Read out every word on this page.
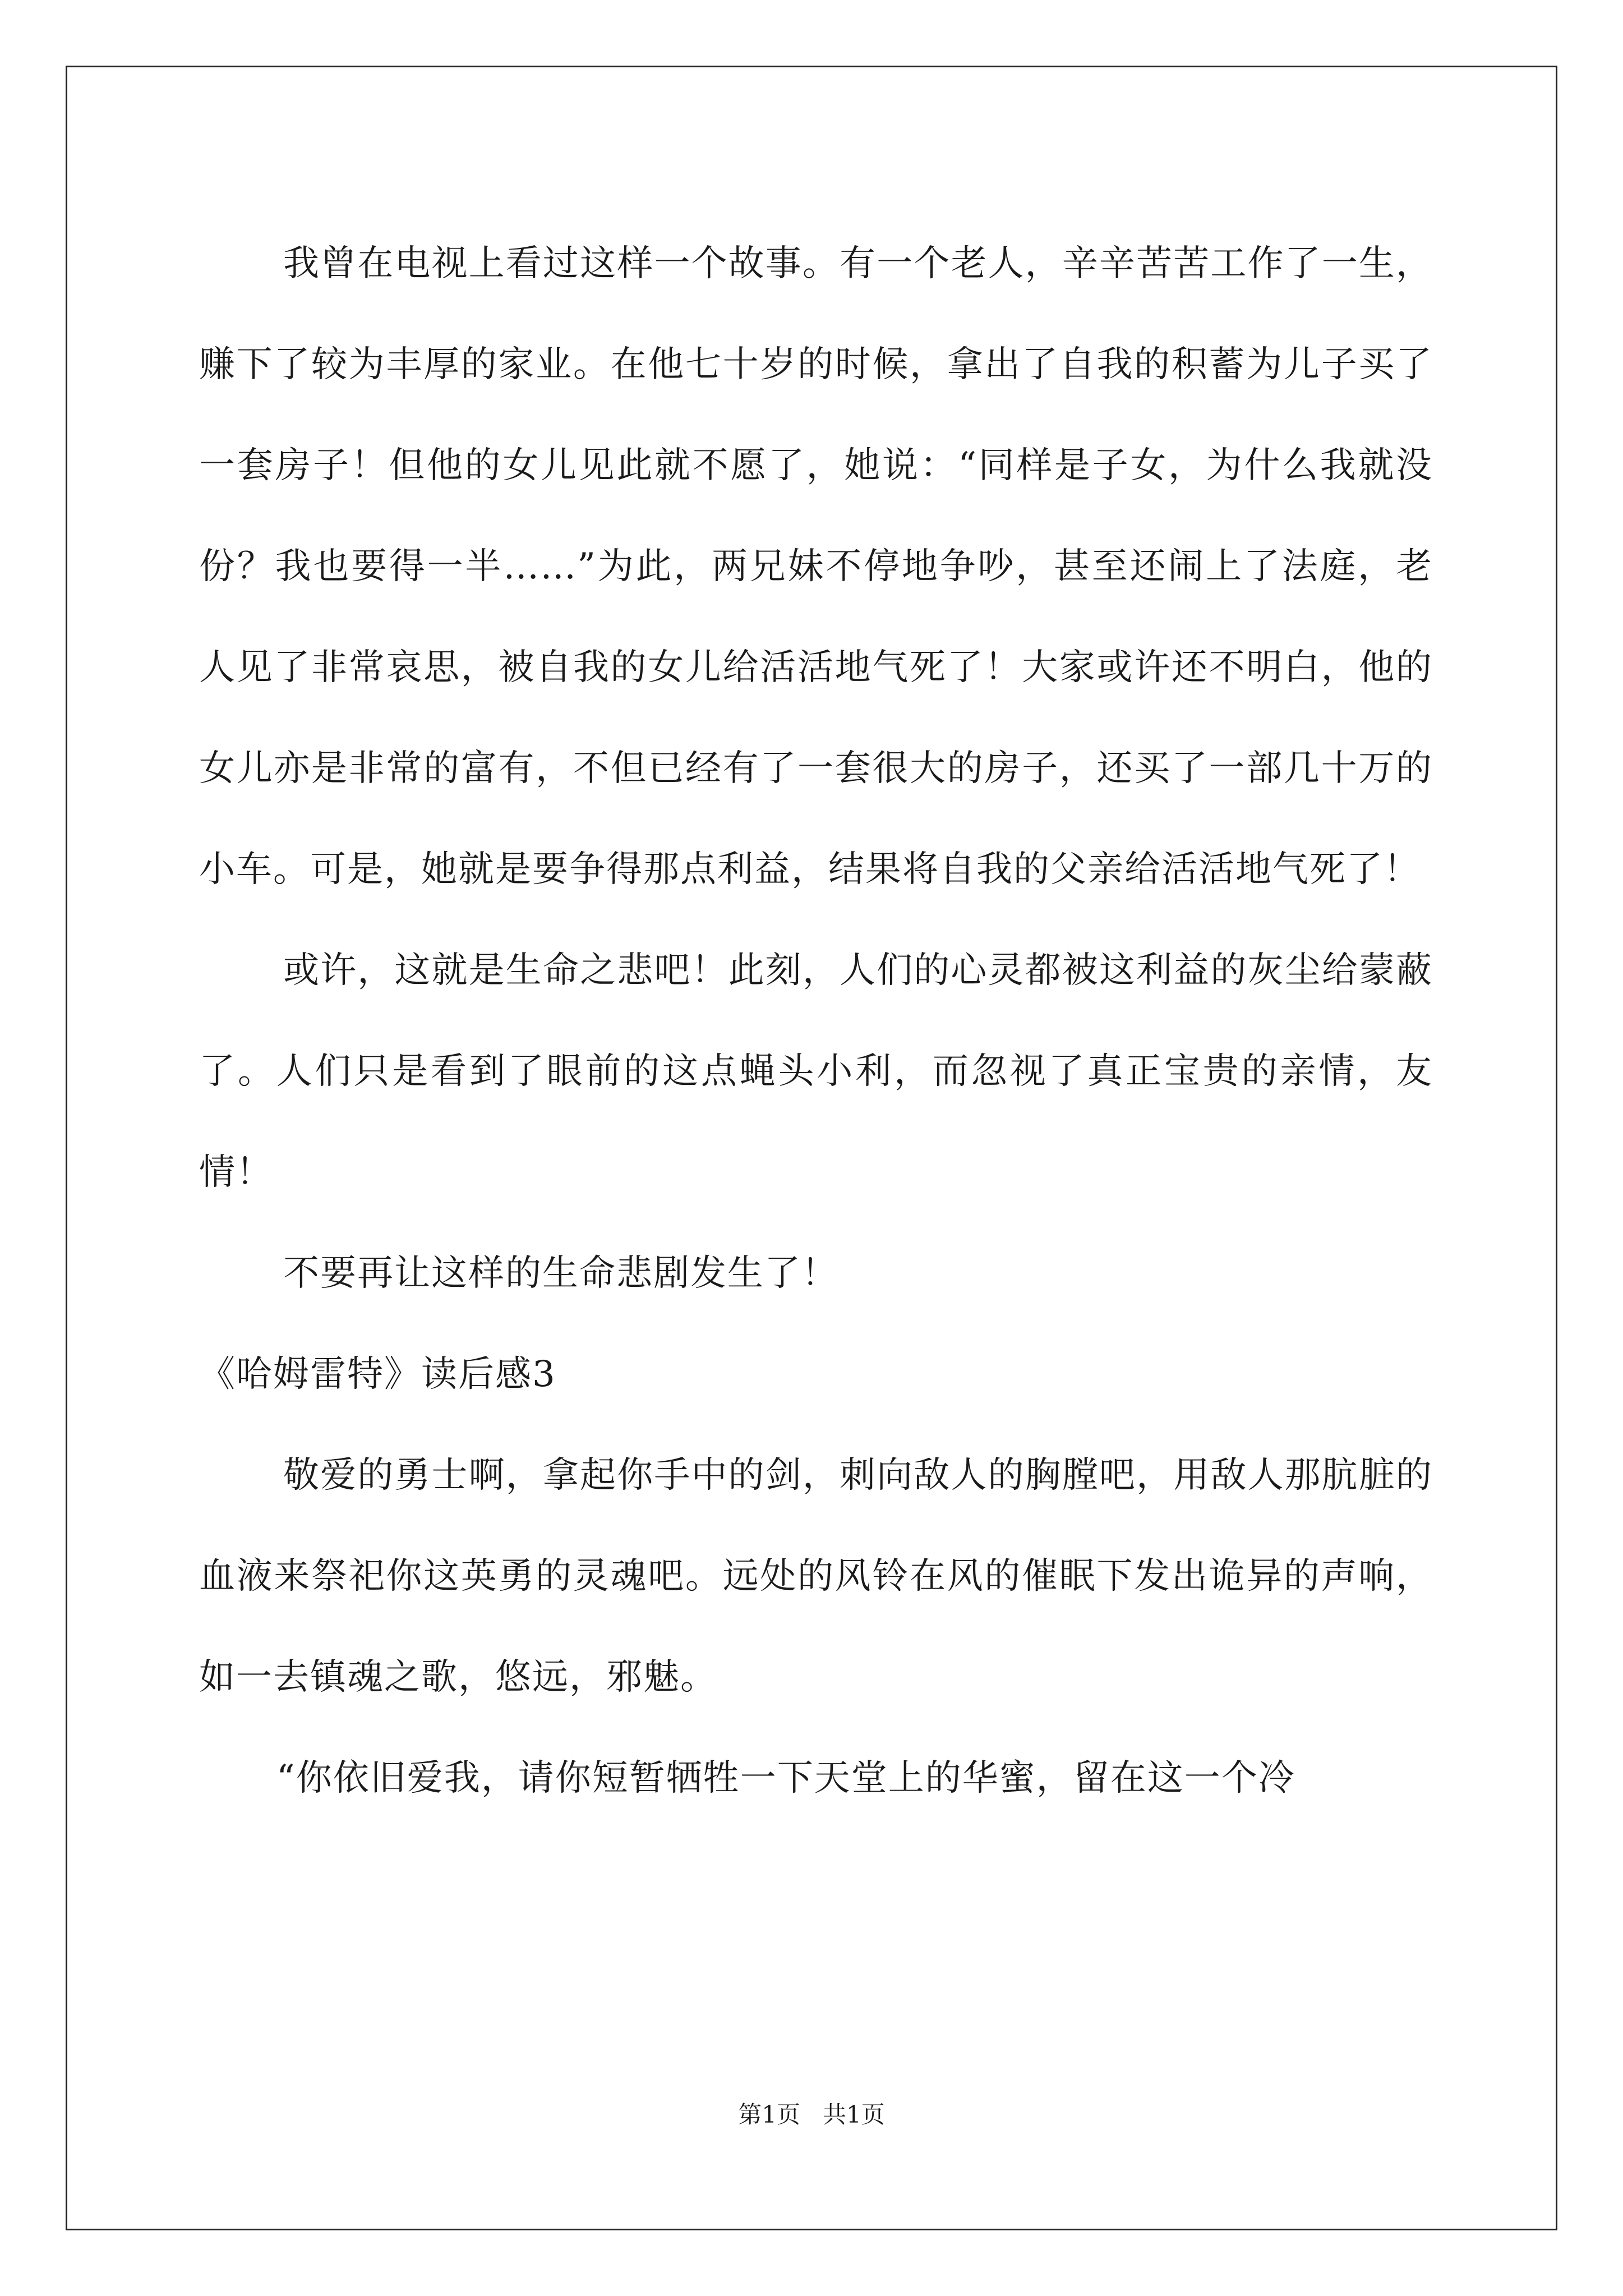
我曾在电视上看过这样一个故事。有一个老人，辛辛苦苦工作了一生，赚下了较为丰厚的家业。在他七十岁的时候，拿出了自我的积蓄为儿子买了一套房子！但他的女儿见此就不愿了，她说：“同样是子女，为什么我就没份？我也要得一半……”为此，两兄妹不停地争吵，甚至还闹上了法庭，老人见了非常哀思，被自我的女儿给活活地气死了！大家或许还不明白，他的女儿亦是非常的富有，不但已经有了一套很大的房子，还买了一部几十万的小车。可是，她就是要争得那点利益，结果将自我的父亲给活活地气死了！

或许，这就是生命之悲吧！此刻，人们的心灵都被这利益的灰尘给蒙蔽了。人们只是看到了眼前的这点蝇头小利，而忽视了真正宝贵的亲情，友情！

不要再让这样的生命悲剧发生了！

《哈姆雷特》读后感3

敬爱的勇士啊，拿起你手中的剑，刺向敌人的胸膛吧，用敌人那肮脏的血液来祭祀你这英勇的灵魂吧。远处的风铃在风的催眠下发出诡异的声响，如一去镇魂之歌，悠远，邪魅。

“你依旧爱我，请你短暂牺牲一下天堂上的华蜜，留在这一个冷

第1页   共1页
